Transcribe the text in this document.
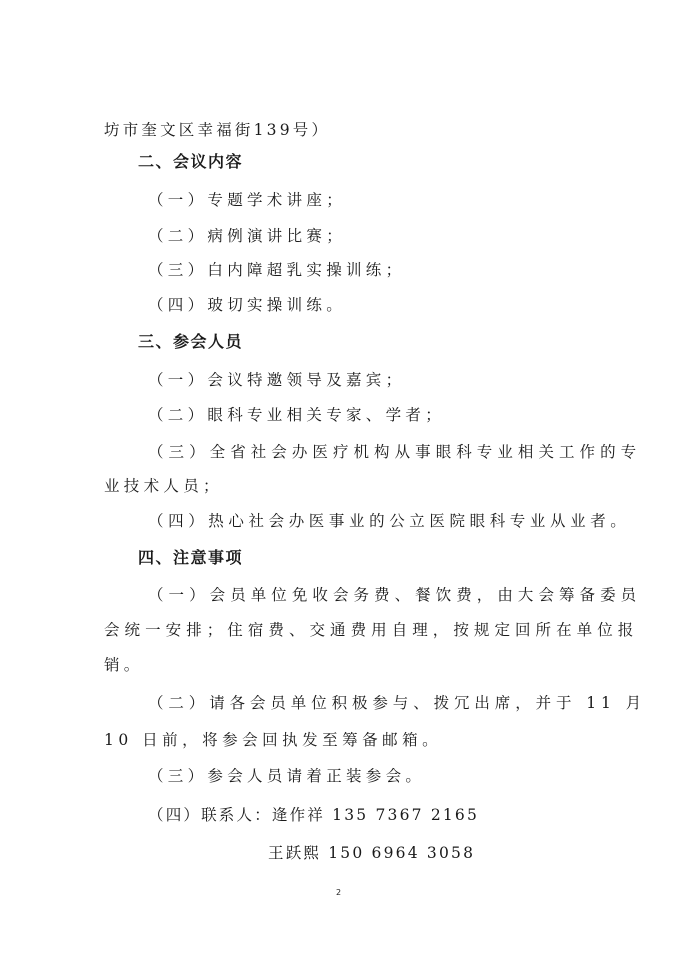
坊市奎文区幸福街139号）
二、会议内容
（一）专题学术讲座；
（二）病例演讲比赛；
（三）白内障超乳实操训练；
（四）玻切实操训练。
三、参会人员
（一）会议特邀领导及嘉宾；
（二）眼科专业相关专家、学者；
（三）全省社会办医疗机构从事眼科专业相关工作的专
业技术人员；
（四）热心社会办医事业的公立医院眼科专业从业者。
四、注意事项
（一）会员单位免收会务费、餐饮费，由大会筹备委员
会统一安排；住宿费、交通费用自理，按规定回所在单位报
销。
（二）请各会员单位积极参与、拨冗出席，并于 11 月
10 日前，将参会回执发至筹备邮箱。
（三）参会人员请着正装参会。
（四）联系人：逄作祥 135 7367 2165
王跃熙 150 6964 3058
2
